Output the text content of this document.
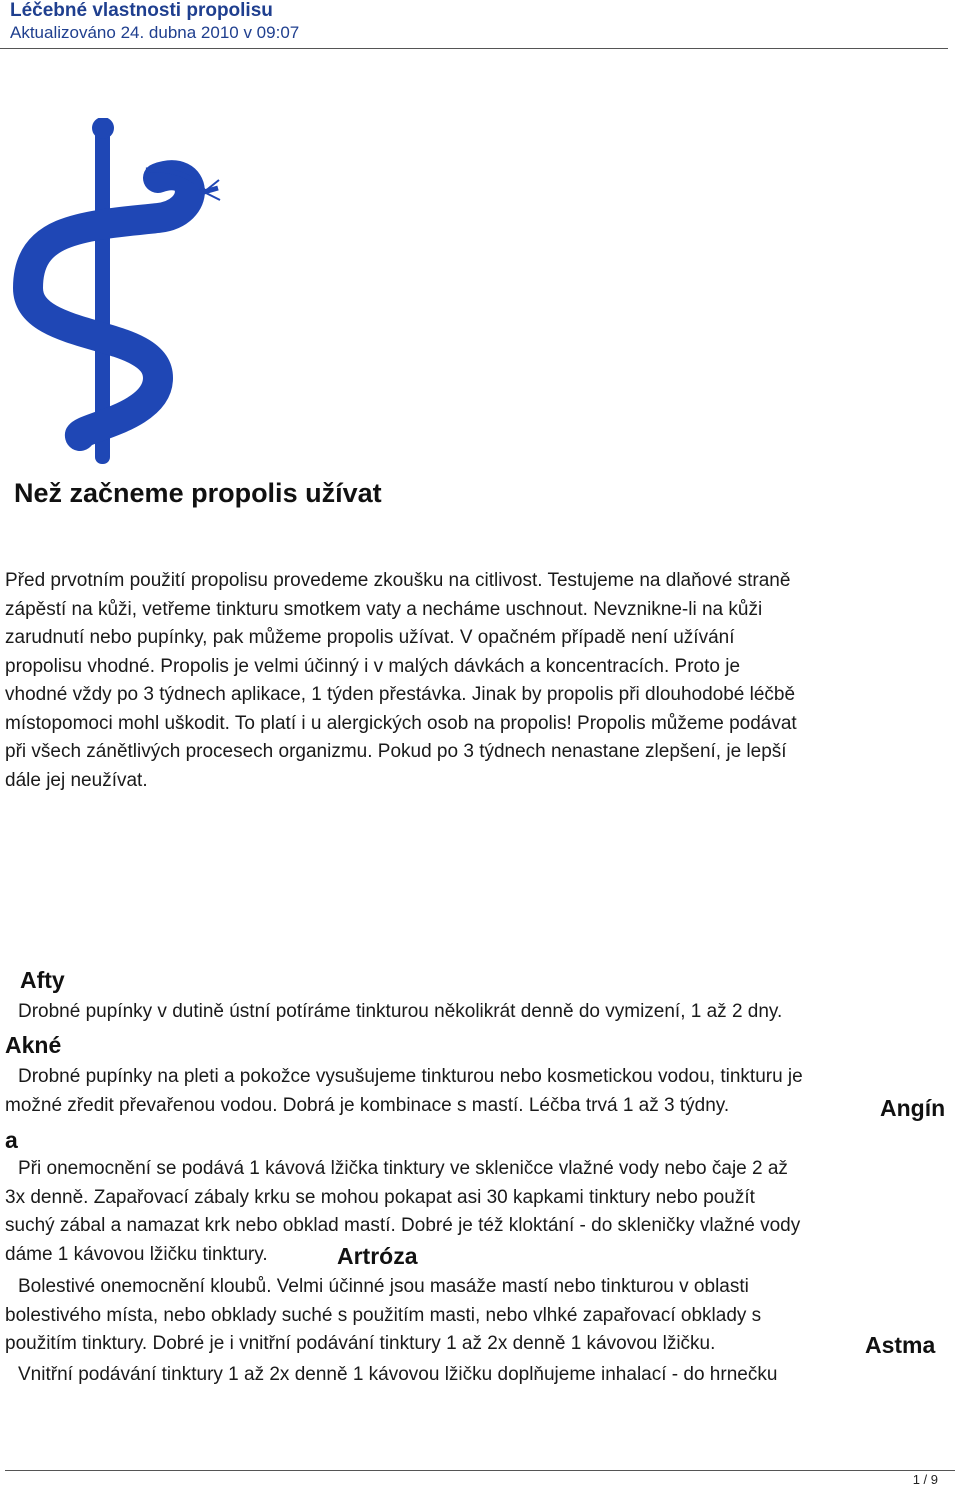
Léčebné vlastnosti propolisu
Aktualizováno 24. dubna 2010 v 09:07
Než začneme propolis užívat
Před prvotním použití propolisu provedeme zkoušku na citlivost. Testujeme na dlaňové straně
zápěstí na kůži, vetřeme tinkturu smotkem vaty a necháme uschnout. Nevznikne-li na kůži
zarudnutí nebo pupínky, pak můžeme propolis užívat. V opačném případě není užívání
propolisu vhodné. Propolis je velmi účinný i v malých dávkách a koncentracích. Proto je
vhodné vždy po 3 týdnech aplikace, 1 týden přestávka. Jinak by propolis při dlouhodobé léčbě
místopomoci mohl uškodit. To platí i u alergických osob na propolis! Propolis můžeme podávat
při všech zánětlivých procesech organizmu. Pokud po 3 týdnech nenastane zlepšení, je lepší
dále jej neužívat.
Afty
Drobné pupínky v dutině ústní potíráme tinkturou několikrát denně do vymizení, 1 až 2 dny.
Akné
Drobné pupínky na pleti a pokožce vysušujeme tinkturou nebo kosmetickou vodou, tinkturu je
možné zředit převařenou vodou. Dobrá je kombinace s mastí. Léčba trvá 1 až 3 týdny.	Angín
a
Při onemocnění se podává 1 kávová lžička tinktury ve skleničce vlažné vody nebo čaje 2 až
3x denně. Zapařovací zábaly krku se mohou pokapat asi 30 kapkami tinktury nebo použít
suchý zábal a namazat krk nebo obklad mastí. Dobré je též kloktání - do skleničky vlažné vody
dáme 1 kávovou lžičku tinktury.	Artróza
Bolestivé onemocnění kloubů. Velmi účinné jsou masáže mastí nebo tinkturou v oblasti
bolestivého místa, nebo obklady suché s použitím masti, nebo vlhké zapařovací obklady s
použitím tinktury. Dobré je i vnitřní podávání tinktury 1 až 2x denně 1 kávovou lžičku.	Astma
Vnitřní podávání tinktury 1 až 2x denně 1 kávovou lžičku doplňujeme inhalací - do hrnečku
1 / 9
